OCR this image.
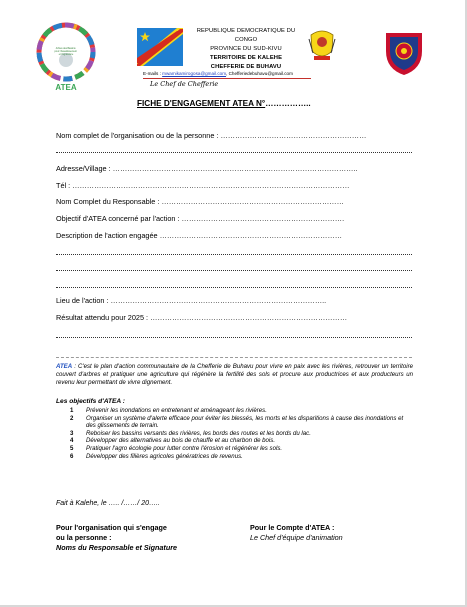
ATEA
Arbres des Bassins pour l'Assainissement et l'Agriculture
REPUBLIQUE DEMOCRATIQUE DU CONGO
PROVINCE DU SUD-KIVU
TERRITOIRE DE KALEHE
CHEFFERIE DE BUHAVU
E-mails : mwamikamirogosa@gmail.com, Chefferiedebuhavu@gmail.com
Le Chef de Chefferie
FICHE D'ENGAGEMENT ATEA N°……………..
Nom complet de l'organisation ou de la personne : ……………………………………………………
Adresse/Village : ………………………………………………………………………………………..
Tél : ……………………………………………………………………………………………………
Nom Complet du Responsable : …………………………………………………………………
Objectif d'ATEA concerné par l'action : ………………………………………………………….
Description de l'action engagée …………………………………………………………………
Lieu de l'action : ……………………………………………………………………………..
Résultat attendu pour 2025 : ………………………………………………………………………
ATEA : C'est le plan d'action communautaire de la Chefferie de Buhavu pour vivre en paix avec les rivières, retrouver un territoire couvert d'arbres et pratiquer une agriculture qui régénère la fertilité des sols et procure aux productrices et aux producteurs un revenu leur permettant de vivre dignement.
Les objectifs d'ATEA :
1 Prévenir les inondations en entretenant et aménageant les rivières.
2 Organiser un système d'alerte efficace pour éviter les blessés, les morts et les disparitions à cause des inondations et des glissements de terrain.
3 Reboiser les bassins versants des rivières, les bords des routes et les bords du lac.
4 Développer des alternatives au bois de chauffe et au charbon de bois.
5 Pratiquer l'agro écologie pour lutter contre l'érosion et régénérer les sols.
6 Développer des filières agricoles génératrices de revenus.
Fait à Kalehe, le ….. /……/ 20…..
Pour l'organisation qui s'engage
ou la personne :
Noms du Responsable et Signature
Pour le Compte d'ATEA :
Le Chef d'équipe d'animation
